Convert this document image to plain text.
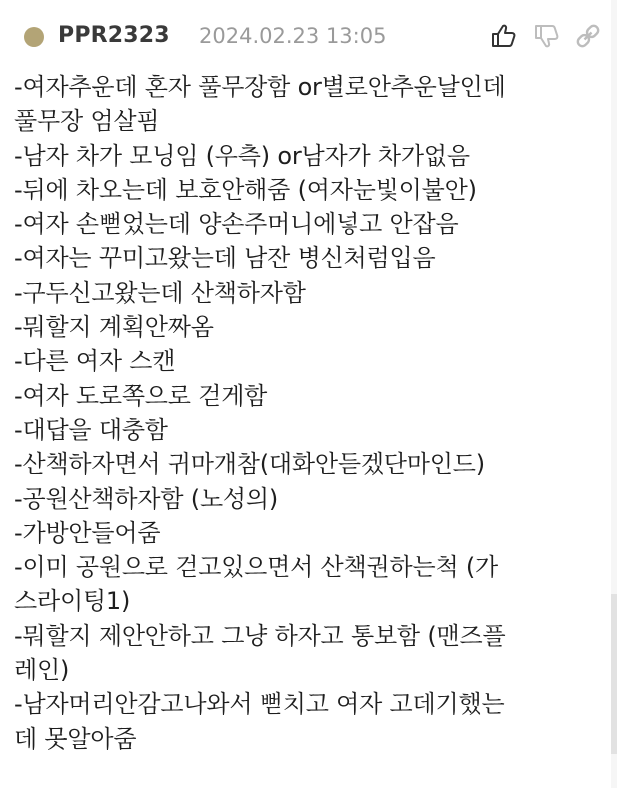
PPR2323 2024.02.23 13:05
-여자추운데 혼자 풀무장함 or별로안추운날인데
풀무장 엄살핌
-남자 차가 모닝임 (우측) or남자가 차가없음
-뒤에 차오는데 보호안해줌 (여자눈빛이불안)
-여자 손뻗었는데 양손주머니에넣고 안잡음
-여자는 꾸미고왔는데 남잔 병신처럼입음
-구두신고왔는데 산책하자함
-뭐할지 계획안짜옴
-다른 여자 스캔
-여자 도로쪽으로 걷게함
-대답을 대충함
-산책하자면서 귀마개참(대화안듣겠단마인드)
-공원산책하자함 (노성의)
-가방안들어줌
-이미 공원으로 걷고있으면서 산책권하는척 (가
스라이팅1)
-뭐할지 제안안하고 그냥 하자고 통보함 (맨즈플
레인)
-남자머리안감고나와서 뻗치고 여자 고데기했는
데 못알아줌
